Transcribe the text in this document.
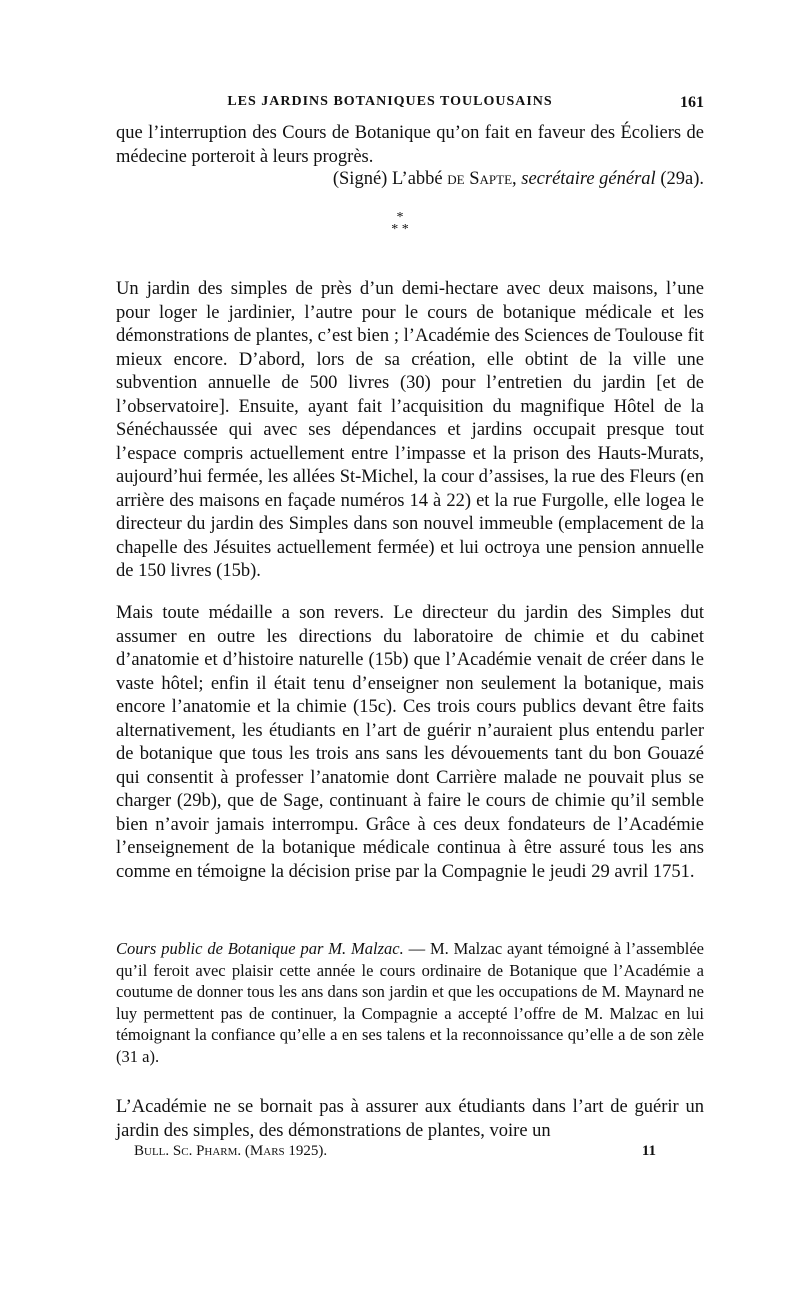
LES JARDINS BOTANIQUES TOULOUSAINS	161

que l’interruption des Cours de Botanique qu’on fait en faveur des Écoliers de médecine porteroit à leurs progrès.

(Signé) L’abbé de Sapte, secrétaire général (29a).
*
* *

Un jardin des simples de près d’un demi-hectare avec deux maisons, l’une pour loger le jardinier, l’autre pour le cours de botanique médicale et les démonstrations de plantes, c’est bien ; l’Académie des Sciences de Toulouse fit mieux encore. D’abord, lors de sa création, elle obtint de la ville une subvention annuelle de 500 livres (30) pour l’entretien du jardin [et de l’observatoire]. Ensuite, ayant fait l’acquisition du magnifique Hôtel de la Sénéchaussée qui avec ses dépendances et jardins occupait presque tout l’espace compris actuellement entre l’impasse et la prison des Hauts-Murats, aujourd’hui fermée, les allées St-Michel, la cour d’assises, la rue des Fleurs (en arrière des maisons en façade numéros 14 à 22) et la rue Furgolle, elle logea le directeur du jardin des Simples dans son nouvel immeuble (emplacement de la chapelle des Jésuites actuellement fermée) et lui octroya une pension annuelle de 150 livres (15b).

Mais toute médaille a son revers. Le directeur du jardin des Simples dut assumer en outre les directions du laboratoire de chimie et du cabinet d’anatomie et d’histoire naturelle (15b) que l’Académie venait de créer dans le vaste hôtel; enfin il était tenu d’enseigner non seulement la botanique, mais encore l’anatomie et la chimie (15c). Ces trois cours publics devant être faits alternativement, les étudiants en l’art de guérir n’auraient plus entendu parler de botanique que tous les trois ans sans les dévouements tant du bon Gouazé qui consentit à professer l’anatomie dont Carrière malade ne pouvait plus se charger (29b), que de Sage, continuant à faire le cours de chimie qu’il semble bien n’avoir jamais interrompu. Grâce à ces deux fondateurs de l’Académie l’enseignement de la botanique médicale continua à être assuré tous les ans comme en témoigne la décision prise par la Compagnie le jeudi 29 avril 1751.

Cours public de Botanique par M. Malzac. — M. Malzac ayant témoigné à l’assemblée qu’il feroit avec plaisir cette année le cours ordinaire de Botanique que l’Académie a coutume de donner tous les ans dans son jardin et que les occupations de M. Maynard ne luy permettent pas de continuer, la Compagnie a accepté l’offre de M. Malzac en lui témoignant la confiance qu’elle a en ses talens et la reconnoissance qu’elle a de son zèle (31 a).

L’Académie ne se bornait pas à assurer aux étudiants dans l’art de guérir un jardin des simples, des démonstrations de plantes, voire un

Bull. Sc. Pharm. (Mars 1925).	11
